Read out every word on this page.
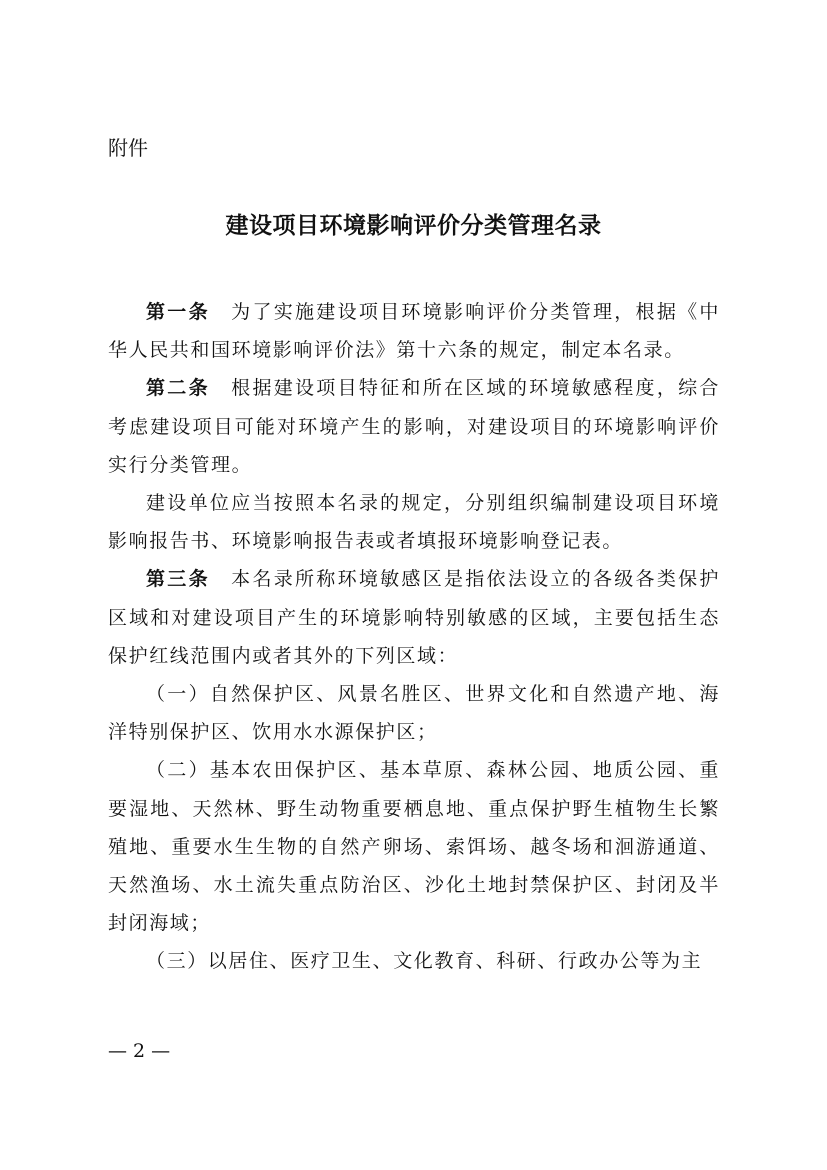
附件
建设项目环境影响评价分类管理名录

第一条　 为了实施建设项目环境影响评价分类管理，根据《中华人民共和国环境影响评价法》第十六条的规定，制定本名录。

第二条　 根据建设项目特征和所在区域的环境敏感程度，综合考虑建设项目可能对环境产生的影响，对建设项目的环境影响评价实行分类管理。

建设单位应当按照本名录的规定，分别组织编制建设项目环境影响报告书、环境影响报告表或者填报环境影响登记表。

第三条　 本名录所称环境敏感区是指依法设立的各级各类保护区域和对建设项目产生的环境影响特别敏感的区域，主要包括生态保护红线范围内或者其外的下列区域：

（一）自然保护区、风景名胜区、世界文化和自然遗产地、海洋特别保护区、饮用水水源保护区；

（二）基本农田保护区、基本草原、森林公园、地质公园、重要湿地、天然林、野生动物重要栖息地、重点保护野生植物生长繁殖地、重要水生生物的自然产卵场、索饵场、越冬场和洄游通道、天然渔场、水土流失重点防治区、沙化土地封禁保护区、封闭及半封闭海域；

（三）以居住、医疗卫生、文化教育、科研、行政办公等为主

— 2 —
